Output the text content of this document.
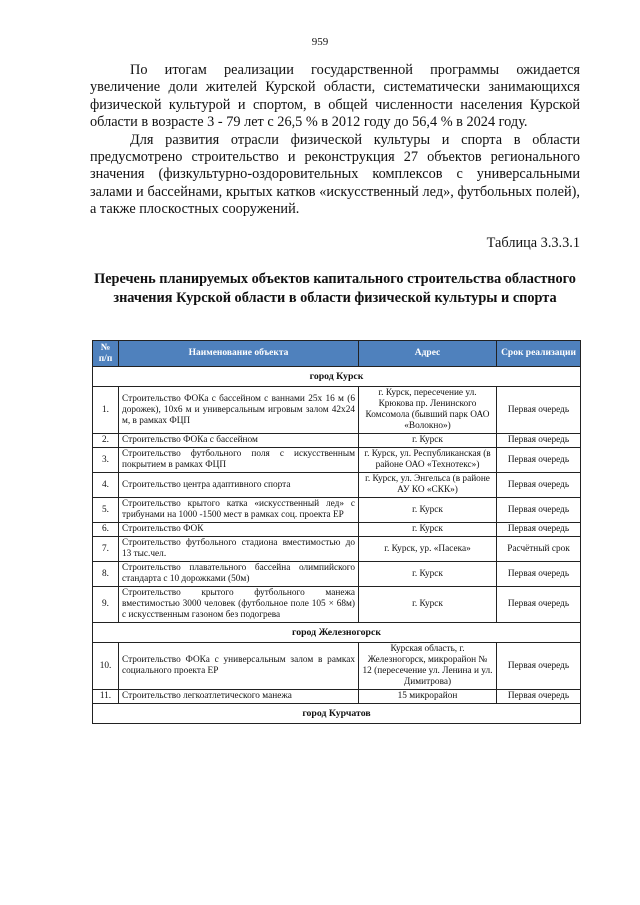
959

По итогам реализации государственной программы ожидается увеличение доли жителей Курской области, систематически занимающихся физической культурой и спортом, в общей численности населения Курской области в возрасте 3 - 79 лет с 26,5 % в 2012 году до 56,4 % в 2024 году.

Для развития отрасли физической культуры и спорта в области предусмотрено строительство и реконструкция 27 объектов регионального значения (физкультурно-оздоровительных комплексов с универсальными залами и бассейнами, крытых катков «искусственный лед», футбольных полей), а также плоскостных сооружений.

Таблица 3.3.3.1
Перечень планируемых объектов капитального строительства областного значения Курской области в области физической культуры и спорта
№ п/п	Наименование объекта	Адрес	Срок реализации
город Курск			
1.	Строительство ФОКа с бассейном с ваннами 25х 16 м (6 дорожек), 10х6 м и универсальным игровым залом 42х24 м, в рамках ФЦП	г. Курск, пересечение ул. Крюкова пр. Ленинского Комсомола (бывший парк ОАО «Волокно»)	Первая очередь
2.	Строительство ФОКа с бассейном	г. Курск	Первая очередь
3.	Строительство футбольного поля с искусственным покрытием в рамках ФЦП	г. Курск, ул. Республиканская (в районе ОАО «Технотекс»)	Первая очередь
4.	Строительство центра адаптивного спорта	г. Курск, ул. Энгельса (в районе АУ КО «СКК»)	Первая очередь
5.	Строительство крытого катка «искусственный лед» с трибунами на 1000 -1500 мест в рамках соц. проекта ЕР	г. Курск	Первая очередь
6.	Строительство ФОК	г. Курск	Первая очередь
7.	Строительство футбольного стадиона вместимостью до 13 тыс.чел.	г. Курск, ур. «Пасека»	Расчётный срок
8.	Строительство плавательного бассейна олимпийского стандарта с 10 дорожками (50м)	г. Курск	Первая очередь
9.	Строительство крытого футбольного манежа вместимостью 3000 человек (футбольное поле 105 × 68м) с искусственным газоном без подогрева	г. Курск	Первая очередь
город Железногорск			
10.	Строительство ФОКа с универсальным залом в рамках социального проекта ЕР	Курская область, г. Железногорск, микрорайон № 12 (пересечение ул. Ленина и ул. Димитрова)	Первая очередь
11.	Строительство легкоатлетического манежа	15 микрорайон	Первая очередь
город Курчатов			
